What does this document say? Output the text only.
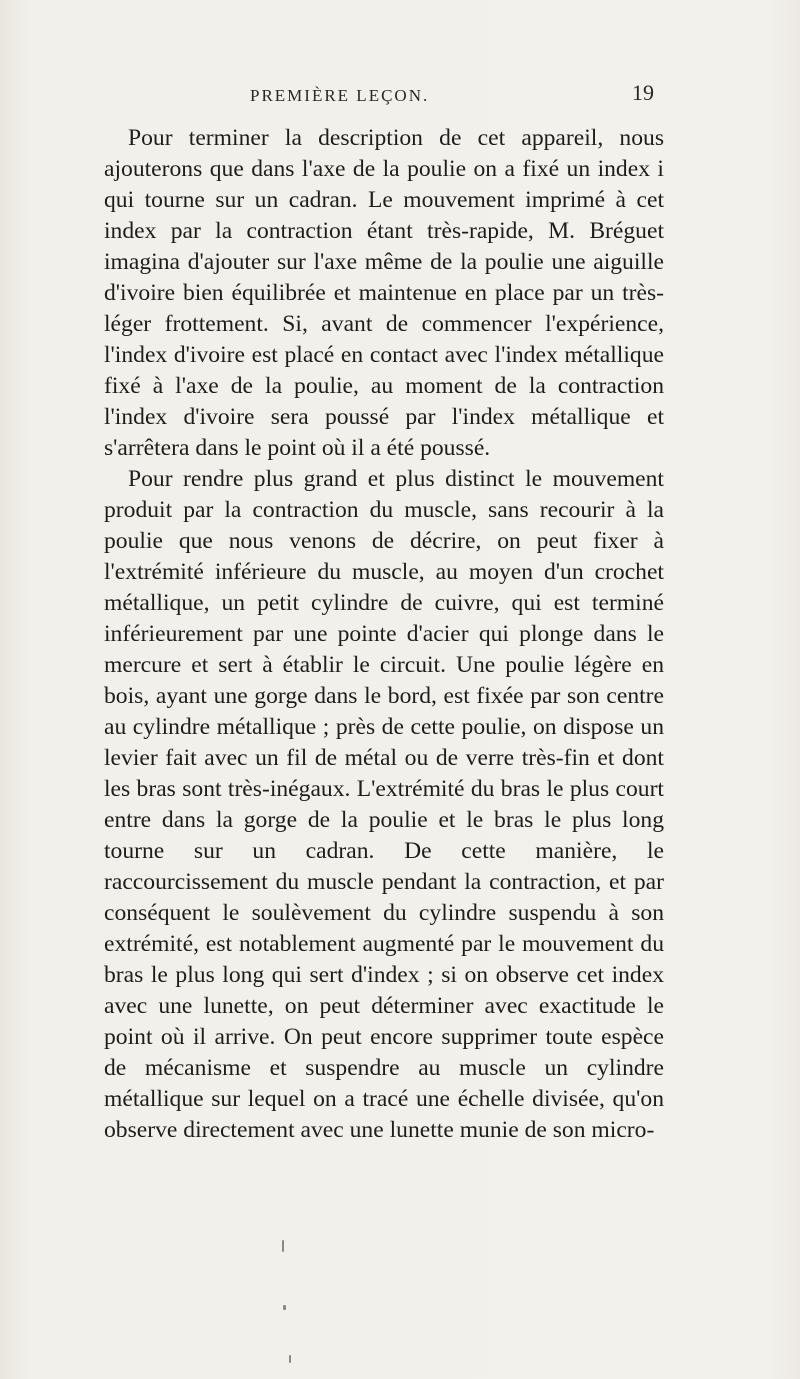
PREMIÈRE LEÇON.	19

Pour terminer la description de cet appareil, nous ajouterons que dans l'axe de la poulie on a fixé un index i qui tourne sur un cadran. Le mouvement imprimé à cet index par la contraction étant très-rapide, M. Bréguet imagina d'ajouter sur l'axe même de la poulie une aiguille d'ivoire bien équilibrée et maintenue en place par un très-léger frottement. Si, avant de commencer l'expérience, l'index d'ivoire est placé en contact avec l'index métallique fixé à l'axe de la poulie, au moment de la contraction l'index d'ivoire sera poussé par l'index métallique et s'arrêtera dans le point où il a été poussé.

Pour rendre plus grand et plus distinct le mouvement produit par la contraction du muscle, sans recourir à la poulie que nous venons de décrire, on peut fixer à l'extrémité inférieure du muscle, au moyen d'un crochet métallique, un petit cylindre de cuivre, qui est terminé inférieurement par une pointe d'acier qui plonge dans le mercure et sert à établir le circuit. Une poulie légère en bois, ayant une gorge dans le bord, est fixée par son centre au cylindre métallique ; près de cette poulie, on dispose un levier fait avec un fil de métal ou de verre très-fin et dont les bras sont très-inégaux. L'extrémité du bras le plus court entre dans la gorge de la poulie et le bras le plus long tourne sur un cadran. De cette manière, le raccourcissement du muscle pendant la contraction, et par conséquent le soulèvement du cylindre suspendu à son extrémité, est notablement augmenté par le mouvement du bras le plus long qui sert d'index ; si on observe cet index avec une lunette, on peut déterminer avec exactitude le point où il arrive. On peut encore supprimer toute espèce de mécanisme et suspendre au muscle un cylindre métallique sur lequel on a tracé une échelle divisée, qu'on observe directement avec une lunette munie de son micro-
